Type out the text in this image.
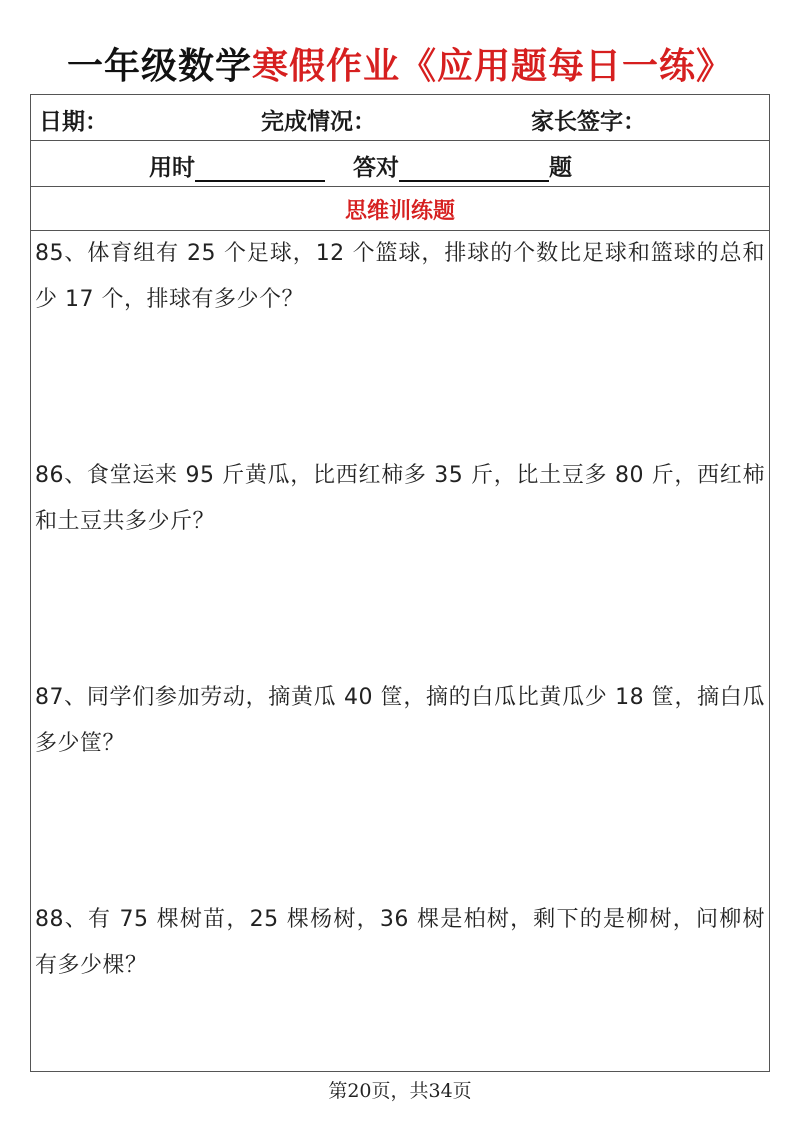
一年级数学寒假作业《应用题每日一练》
日期：	完成情况：	家长签字：
用时	答对	题
思维训练题
85、体育组有 25 个足球，12 个篮球，排球的个数比足球和篮球的总和少 17 个，排球有多少个？
86、食堂运来 95 斤黄瓜，比西红柿多 35 斤，比土豆多 80 斤，西红柿和土豆共多少斤？
87、同学们参加劳动，摘黄瓜 40 筐，摘的白瓜比黄瓜少 18 筐，摘白瓜多少筐？
88、有 75 棵树苗，25 棵杨树，36 棵是柏树，剩下的是柳树，问柳树有多少棵？
第20页，共34页
